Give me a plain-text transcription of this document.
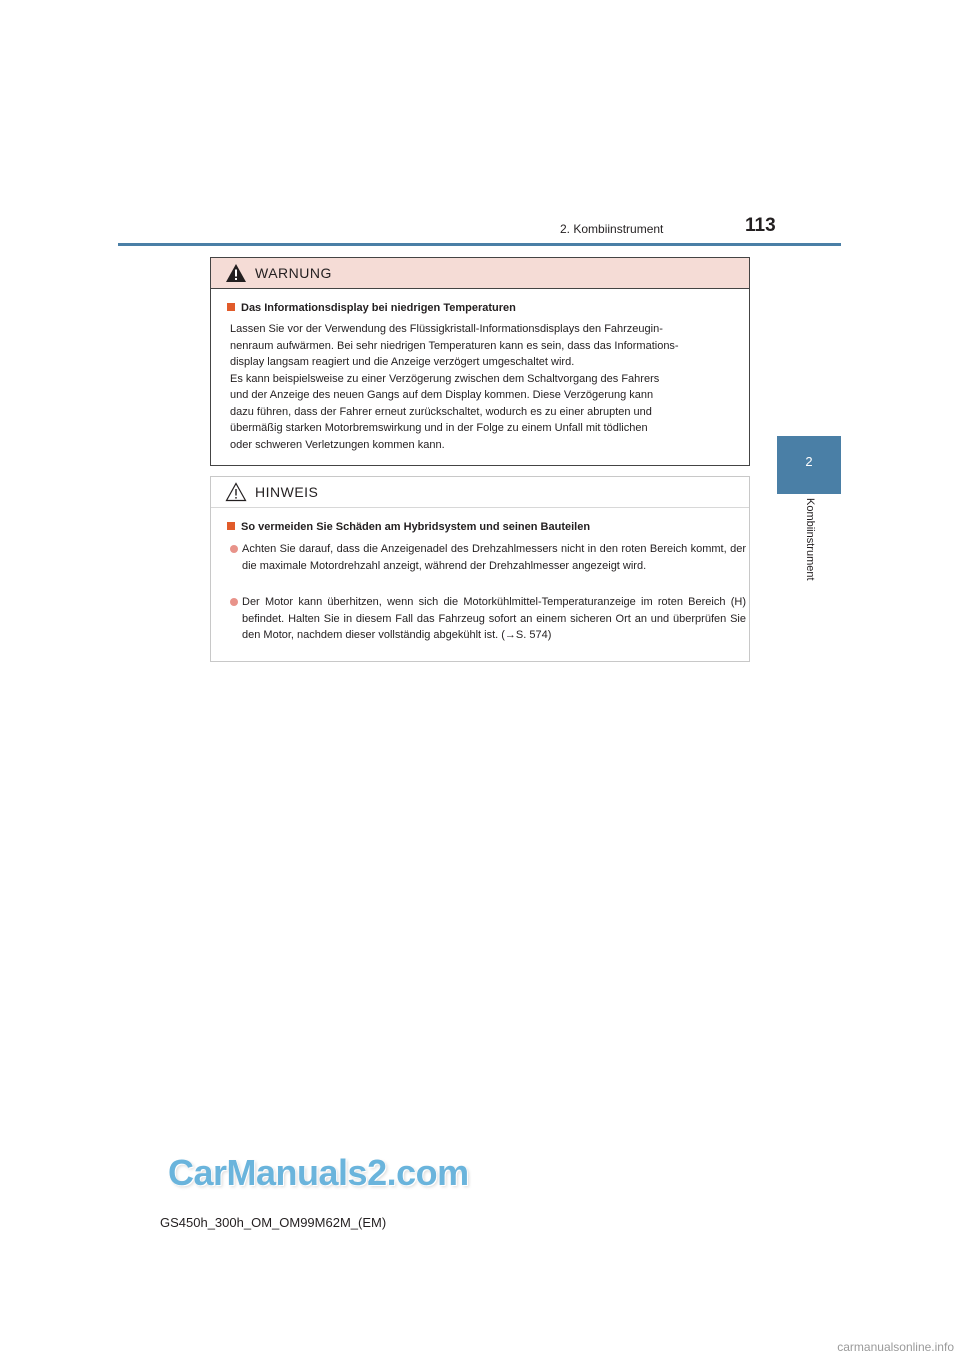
2. Kombiinstrument	113
2
Kombiinstrument
WARNUNG
Das Informationsdisplay bei niedrigen Temperaturen
Lassen Sie vor der Verwendung des Flüssigkristall-Informationsdisplays den Fahrzeugin-
nenraum aufwärmen. Bei sehr niedrigen Temperaturen kann es sein, dass das Informations-
display langsam reagiert und die Anzeige verzögert umgeschaltet wird.
Es kann beispielsweise zu einer Verzögerung zwischen dem Schaltvorgang des Fahrers
und der Anzeige des neuen Gangs auf dem Display kommen. Diese Verzögerung kann
dazu führen, dass der Fahrer erneut zurückschaltet, wodurch es zu einer abrupten und
übermäßig starken Motorbremswirkung und in der Folge zu einem Unfall mit tödlichen
oder schweren Verletzungen kommen kann.
HINWEIS
So vermeiden Sie Schäden am Hybridsystem und seinen Bauteilen
Achten Sie darauf, dass die Anzeigenadel des Drehzahlmessers nicht in den roten Bereich kommt, der die maximale Motordrehzahl anzeigt, während der Drehzahlmesser angezeigt wird.
Der Motor kann überhitzen, wenn sich die Motorkühlmittel-Temperaturanzeige im roten Bereich (H) befindet. Halten Sie in diesem Fall das Fahrzeug sofort an einem sicheren Ort an und überprüfen Sie den Motor, nachdem dieser vollständig abgekühlt ist. (→S. 574)
CarManuals2.com
GS450h_300h_OM_OM99M62M_(EM)
carmanualsonline.info
